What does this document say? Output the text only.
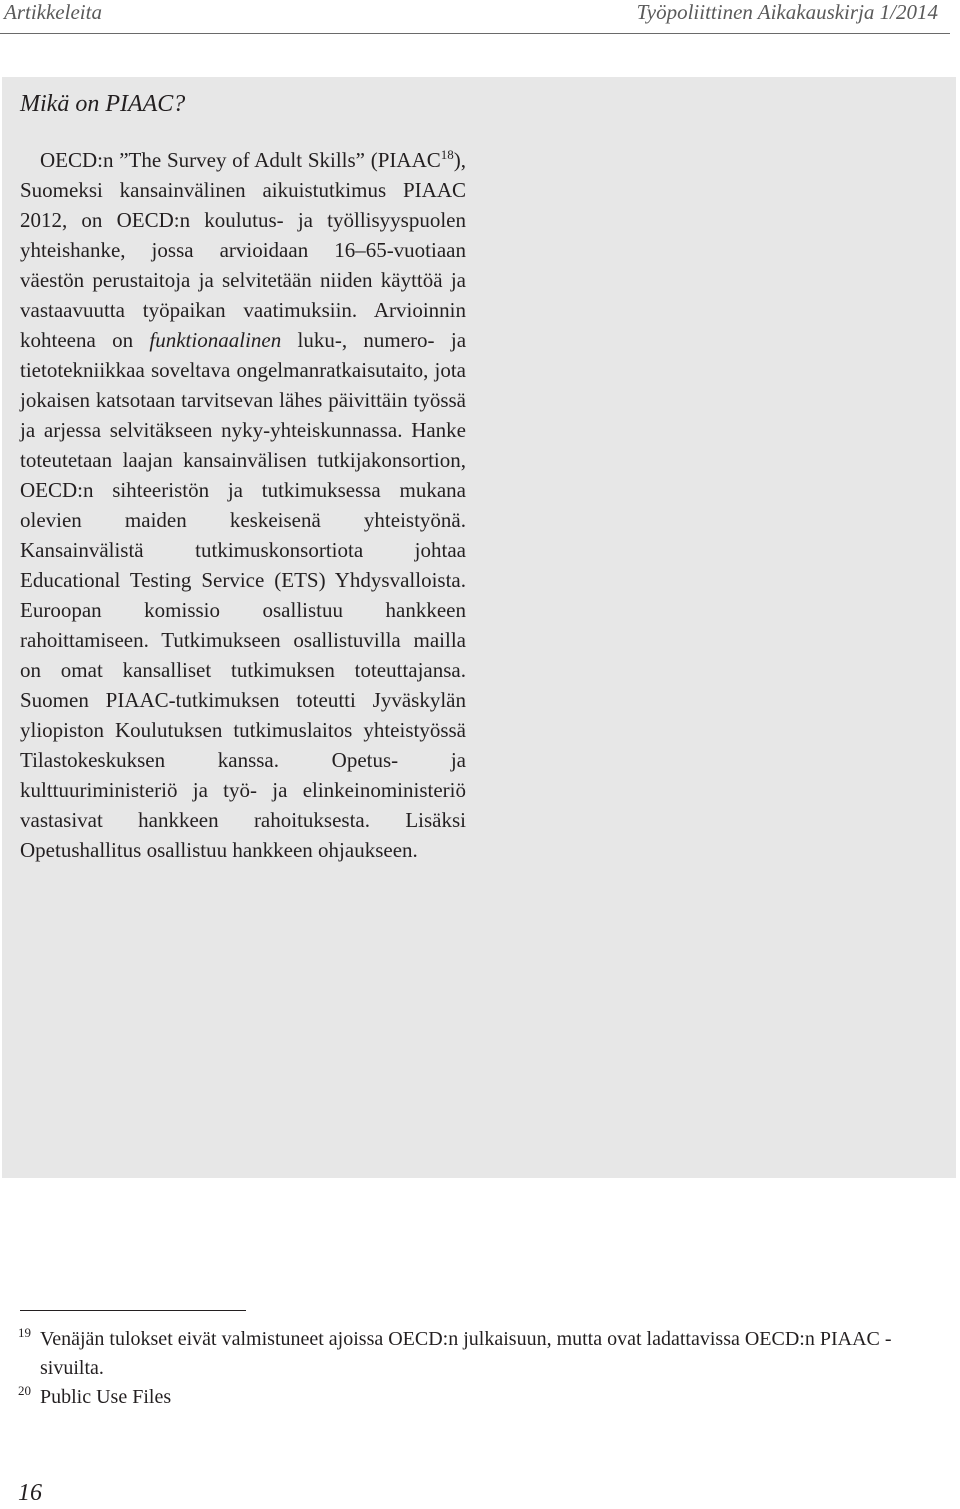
Artikkeleita	Työpoliittinen Aikakauskirja 1/2014
Mikä on PIAAC?

OECD:n ”The Survey of Adult Skills” (PIAAC$^{18}$), Suomeksi kansainvälinen aikuistutkimus PIAAC 2012, on OECD:n koulutus- ja työllisyyspuolen yhteishanke, jossa arvioidaan 16–65-vuotiaan väestön perustaitoja ja selvitetään niiden käyttöä ja vastaavuutta työpaikan vaatimuksiin. Arvioinnin kohteena on funktionaalinen luku-, numero- ja tietotekniikkaa soveltava ongelmanratkaisutaito, jota jokaisen katsotaan tarvitsevan lähes päivittäin työssä ja arjessa selvitäkseen nyky-yhteiskunnassa. Hanke toteutetaan laajan kansainvälisen tutkijakonsortion, OECD:n sihteeristön ja tutkimuksessa mukana olevien maiden keskeisenä yhteistyönä. Kansainvälistä tutkimuskonsortiota johtaa Educational Testing Service (ETS) Yhdysvalloista. Euroopan komissio osallistuu hankkeen rahoittamiseen. Tutkimukseen osallistuvilla mailla on omat kansalliset tutkimuksen toteuttajansa. Suomen PIAAC-tutkimuksen toteutti Jyväskylän yliopiston Koulutuksen tutkimuslaitos yhteistyössä Tilastokeskuksen kanssa. Opetus- ja kulttuuriministeriö ja työ- ja elinkeinoministeriö vastasivat hankkeen rahoituksesta. Lisäksi Opetushallitus osallistuu hankkeen ohjaukseen.

19 Venäjän tulokset eivät valmistuneet ajoissa OECD:n julkaisuun, mutta ovat ladattavissa OECD:n PIAAC -sivuilta.
20 Public Use Files
16
